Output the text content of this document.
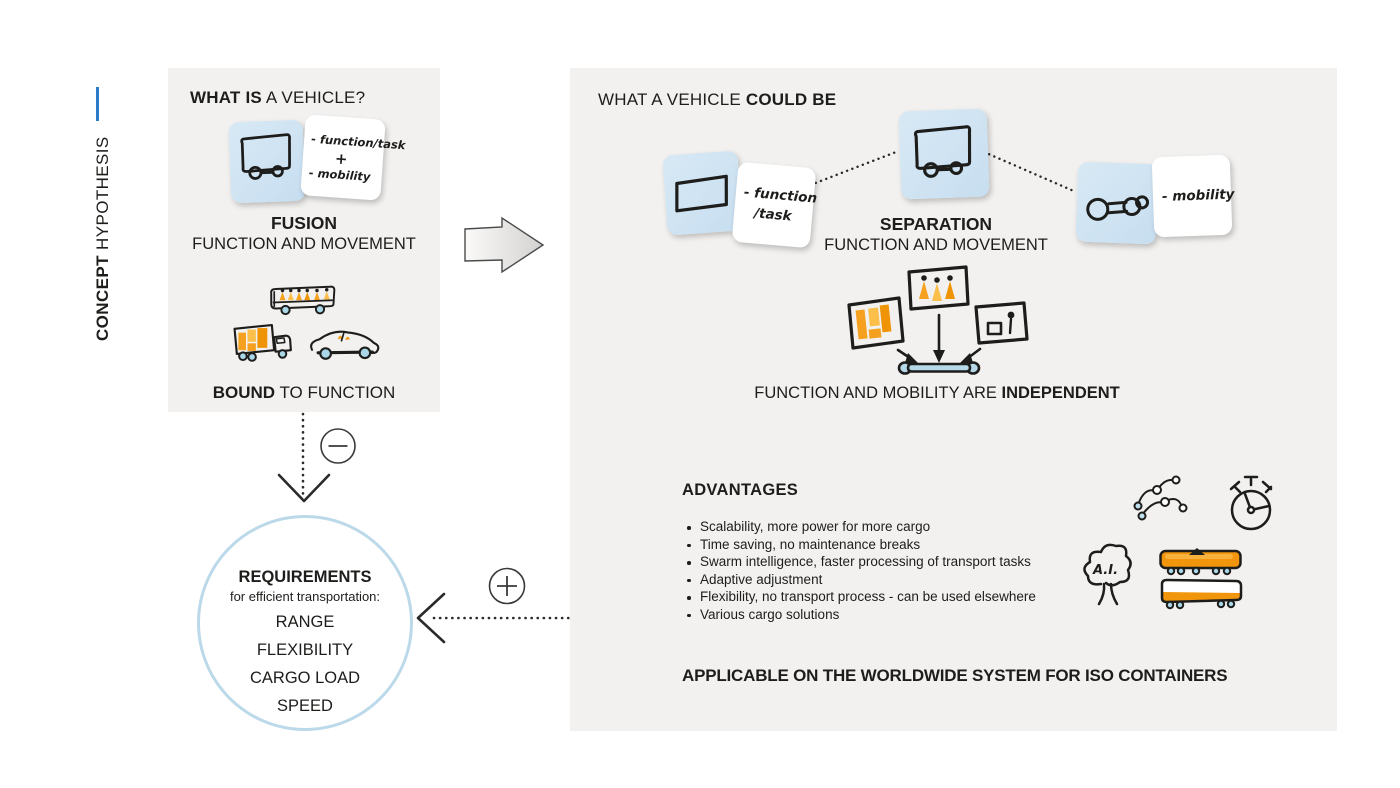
CONCEPT HYPOTHESIS
WHAT IS A VEHICLE?
- function/task
+
- mobility
FUSION
FUNCTION AND MOVEMENT
BOUND TO FUNCTION
REQUIREMENTS
for efficient transportation:
RANGE
FLEXIBILITY
CARGO LOAD
SPEED
WHAT A VEHICLE COULD BE
- function
/task
- mobility
SEPARATION
FUNCTION AND MOVEMENT
FUNCTION AND MOBILITY ARE INDEPENDENT
ADVANTAGES
Scalability, more power for more cargo
Time saving, no maintenance breaks
Swarm intelligence, faster processing of transport tasks
Adaptive adjustment
Flexibility, no transport process - can be used elsewhere
Various cargo solutions
A.I.
APPLICABLE ON THE WORLDWIDE SYSTEM FOR ISO CONTAINERS
